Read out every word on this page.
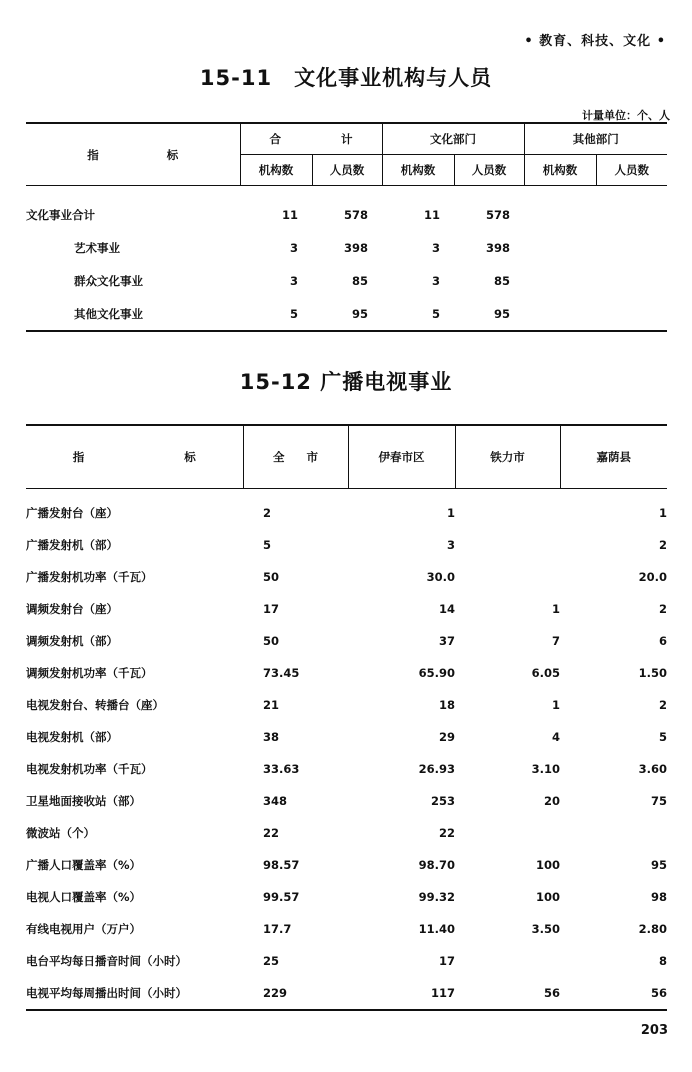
• 教育、科技、文化 •
15-11　文化事业机构与人员
计量单位：个、人
指 标	合 计		文化部门		其他部门	
	机构数	人员数	机构数	人员数	机构数	人员数

文化事业合计	11	578	11	578		
艺术事业	3	398	3	398		
群众文化事业	3	85	3	85		
其他文化事业	5	95	5	95		
15-12 广播电视事业
指 标	全 市	伊春市区	铁力市	嘉荫县
广播发射台（座）	2	1		1
广播发射机（部）	5	3		2
广播发射机功率（千瓦）	50	30.0		20.0
调频发射台（座）	17	14	1	2
调频发射机（部）	50	37	7	6
调频发射机功率（千瓦）	73.45	65.90	6.05	1.50
电视发射台、转播台（座）	21	18	1	2
电视发射机（部）	38	29	4	5
电视发射机功率（千瓦）	33.63	26.93	3.10	3.60
卫星地面接收站（部）	348	253	20	75
微波站（个）	22	22		
广播人口覆盖率（%）	98.57	98.70	100	95
电视人口覆盖率（%）	99.57	99.32	100	98
有线电视用户（万户）	17.7	11.40	3.50	2.80
电台平均每日播音时间（小时）	25	17		8
电视平均每周播出时间（小时）	229	117	56	56
203
